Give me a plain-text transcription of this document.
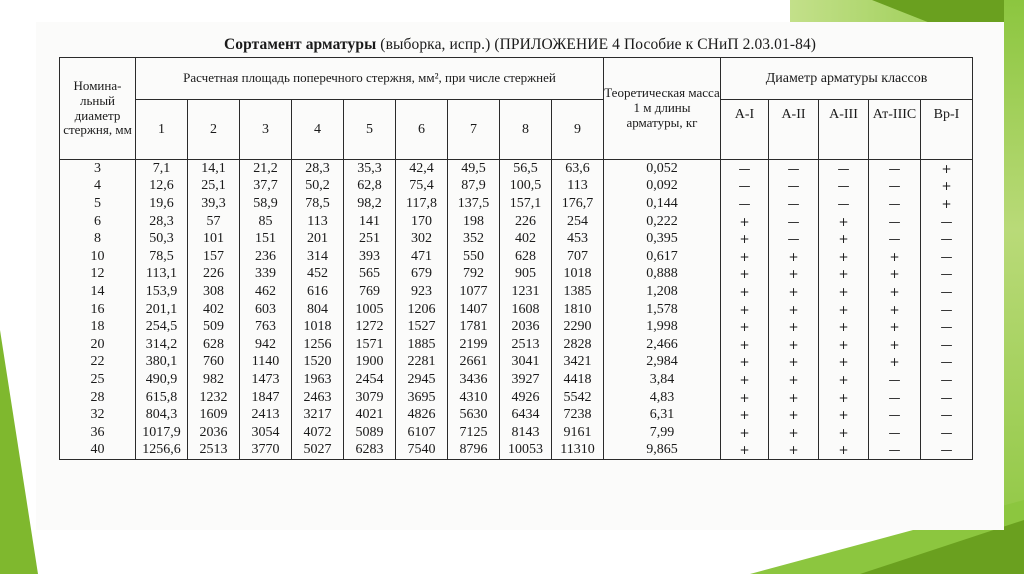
Сортамент арматуры (выборка, испр.) (ПРИЛОЖЕНИЕ 4 Пособие к СНиП 2.03.01-84)
Номина-льный диаметр стержня, мм	Расчетная площадь поперечного стержня, мм², при числе стержней									Теоретическая масса 1 м длины арматуры, кг	Диаметр арматуры классов				
	1	2	3	4	5	6	7	8	9		А-I	А-II	А-III	Ат-IIIС	Вр-I
3	7,1	14,1	21,2	28,3	35,3	42,4	49,5	56,5	63,6	0,052	—	—	—	—	+
4	12,6	25,1	37,7	50,2	62,8	75,4	87,9	100,5	113	0,092	—	—	—	—	+
5	19,6	39,3	58,9	78,5	98,2	117,8	137,5	157,1	176,7	0,144	—	—	—	—	+
6	28,3	57	85	113	141	170	198	226	254	0,222	+	—	+	—	—
8	50,3	101	151	201	251	302	352	402	453	0,395	+	—	+	—	—
10	78,5	157	236	314	393	471	550	628	707	0,617	+	+	+	+	—
12	113,1	226	339	452	565	679	792	905	1018	0,888	+	+	+	+	—
14	153,9	308	462	616	769	923	1077	1231	1385	1,208	+	+	+	+	—
16	201,1	402	603	804	1005	1206	1407	1608	1810	1,578	+	+	+	+	—
18	254,5	509	763	1018	1272	1527	1781	2036	2290	1,998	+	+	+	+	—
20	314,2	628	942	1256	1571	1885	2199	2513	2828	2,466	+	+	+	+	—
22	380,1	760	1140	1520	1900	2281	2661	3041	3421	2,984	+	+	+	+	—
25	490,9	982	1473	1963	2454	2945	3436	3927	4418	3,84	+	+	+	—	—
28	615,8	1232	1847	2463	3079	3695	4310	4926	5542	4,83	+	+	+	—	—
32	804,3	1609	2413	3217	4021	4826	5630	6434	7238	6,31	+	+	+	—	—
36	1017,9	2036	3054	4072	5089	6107	7125	8143	9161	7,99	+	+	+	—	—
40	1256,6	2513	3770	5027	6283	7540	8796	10053	11310	9,865	+	+	+	—	—
